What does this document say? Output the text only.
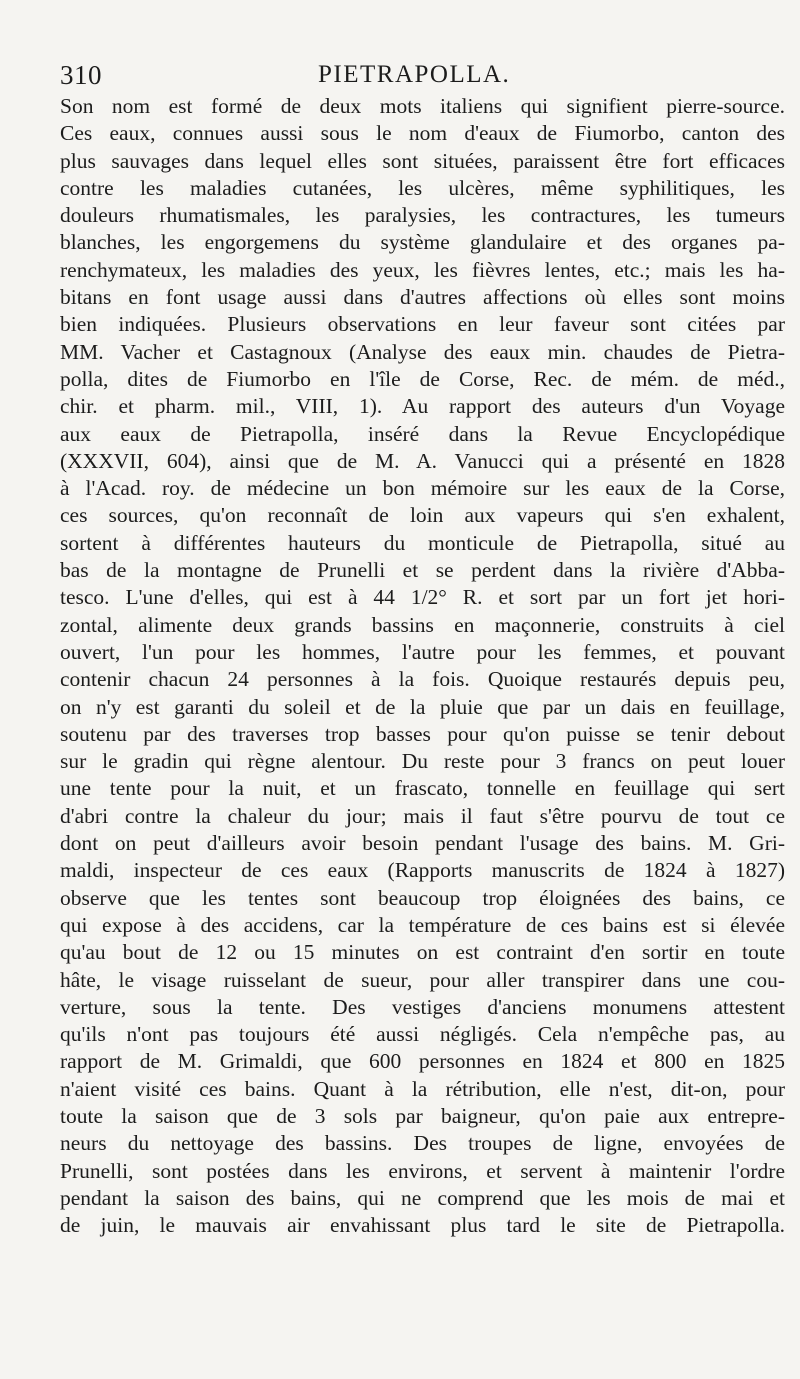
310	PIETRAPOLLA.
Son nom est formé de deux mots italiens qui signifient pierre-source.
Ces eaux, connues aussi sous le nom d'eaux de Fiumorbo, canton des
plus sauvages dans lequel elles sont situées, paraissent être fort efficaces
contre les maladies cutanées, les ulcères, même syphilitiques, les
douleurs rhumatismales, les paralysies, les contractures, les tumeurs
blanches, les engorgemens du système glandulaire et des organes pa-
renchymateux, les maladies des yeux, les fièvres lentes, etc.; mais les ha-
bitans en font usage aussi dans d'autres affections où elles sont moins
bien indiquées. Plusieurs observations en leur faveur sont citées par
MM. Vacher et Castagnoux (Analyse des eaux min. chaudes de Pietra-
polla, dites de Fiumorbo en l'île de Corse, Rec. de mém. de méd.,
chir. et pharm. mil., VIII, 1). Au rapport des auteurs d'un Voyage
aux eaux de Pietrapolla, inséré dans la Revue Encyclopédique
(XXXVII, 604), ainsi que de M. A. Vanucci qui a présenté en 1828
à l'Acad. roy. de médecine un bon mémoire sur les eaux de la Corse,
ces sources, qu'on reconnaît de loin aux vapeurs qui s'en exhalent,
sortent à différentes hauteurs du monticule de Pietrapolla, situé au
bas de la montagne de Prunelli et se perdent dans la rivière d'Abba-
tesco. L'une d'elles, qui est à 44 1/2° R. et sort par un fort jet hori-
zontal, alimente deux grands bassins en maçonnerie, construits à ciel
ouvert, l'un pour les hommes, l'autre pour les femmes, et pouvant
contenir chacun 24 personnes à la fois. Quoique restaurés depuis peu,
on n'y est garanti du soleil et de la pluie que par un dais en feuillage,
soutenu par des traverses trop basses pour qu'on puisse se tenir debout
sur le gradin qui règne alentour. Du reste pour 3 francs on peut louer
une tente pour la nuit, et un frascato, tonnelle en feuillage qui sert
d'abri contre la chaleur du jour; mais il faut s'être pourvu de tout ce
dont on peut d'ailleurs avoir besoin pendant l'usage des bains. M. Gri-
maldi, inspecteur de ces eaux (Rapports manuscrits de 1824 à 1827)
observe que les tentes sont beaucoup trop éloignées des bains, ce
qui expose à des accidens, car la température de ces bains est si élevée
qu'au bout de 12 ou 15 minutes on est contraint d'en sortir en toute
hâte, le visage ruisselant de sueur, pour aller transpirer dans une cou-
verture, sous la tente. Des vestiges d'anciens monumens attestent
qu'ils n'ont pas toujours été aussi négligés. Cela n'empêche pas, au
rapport de M. Grimaldi, que 600 personnes en 1824 et 800 en 1825
n'aient visité ces bains. Quant à la rétribution, elle n'est, dit-on, pour
toute la saison que de 3 sols par baigneur, qu'on paie aux entrepre-
neurs du nettoyage des bassins. Des troupes de ligne, envoyées de
Prunelli, sont postées dans les environs, et servent à maintenir l'ordre
pendant la saison des bains, qui ne comprend que les mois de mai et
de juin, le mauvais air envahissant plus tard le site de Pietrapolla.
